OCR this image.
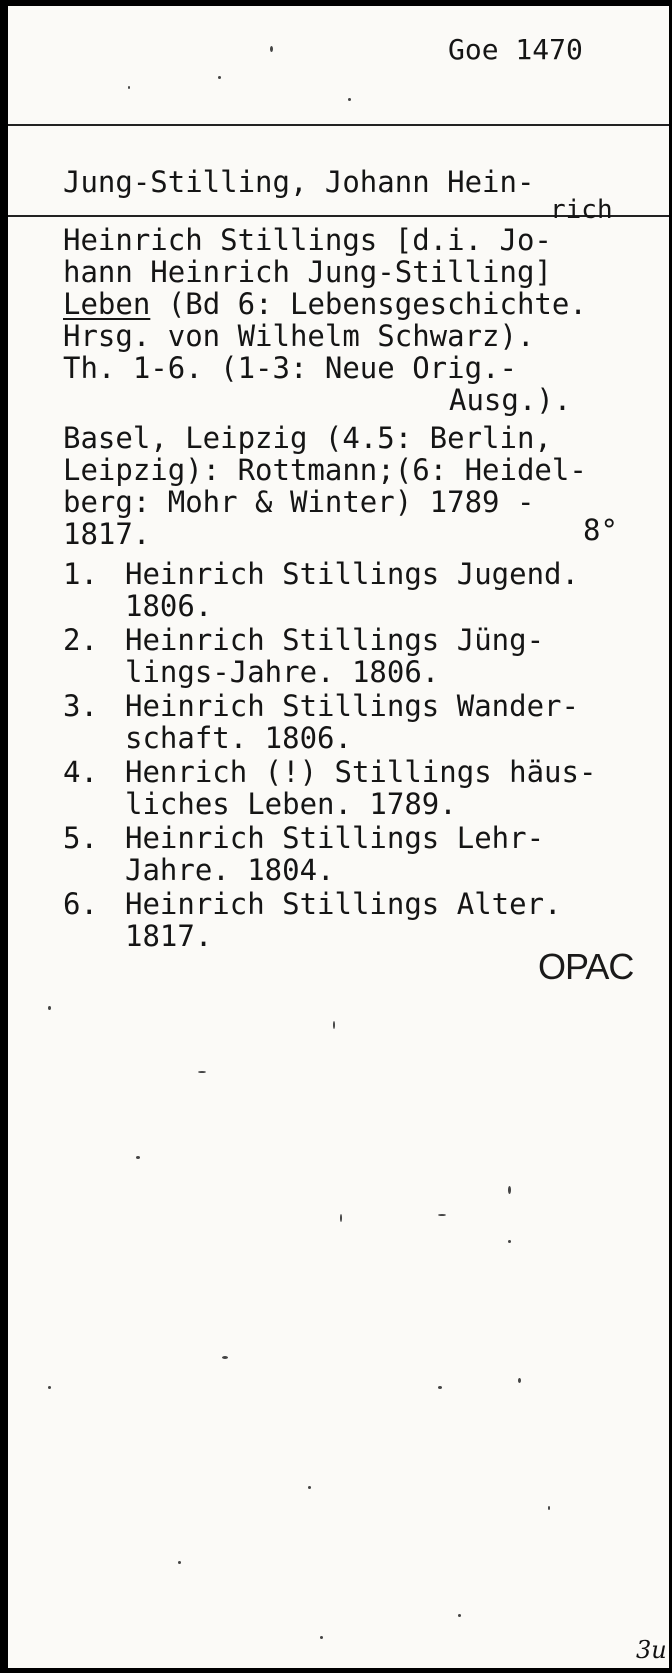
Goe 1470
Jung-Stilling, Johann Hein-
rich
Heinrich Stillings [d.i. Jo-
hann Heinrich Jung-Stilling]
Leben (Bd 6: Lebensgeschichte.
Hrsg. von Wilhelm Schwarz).
Th. 1-6. (1-3: Neue Orig.-
Ausg.).
Basel, Leipzig (4.5: Berlin,
Leipzig): Rottmann;(6: Heidel-
berg: Mohr & Winter) 1789 -
1817.	8°
1. Heinrich Stillings Jugend.
1806.
2. Heinrich Stillings Jüng-
lings-Jahre. 1806.
3. Heinrich Stillings Wander-
schaft. 1806.
4. Henrich (!) Stillings häus-
liches Leben. 1789.
5. Heinrich Stillings Lehr-
Jahre. 1804.
6. Heinrich Stillings Alter.
1817.
OPAC
3u
